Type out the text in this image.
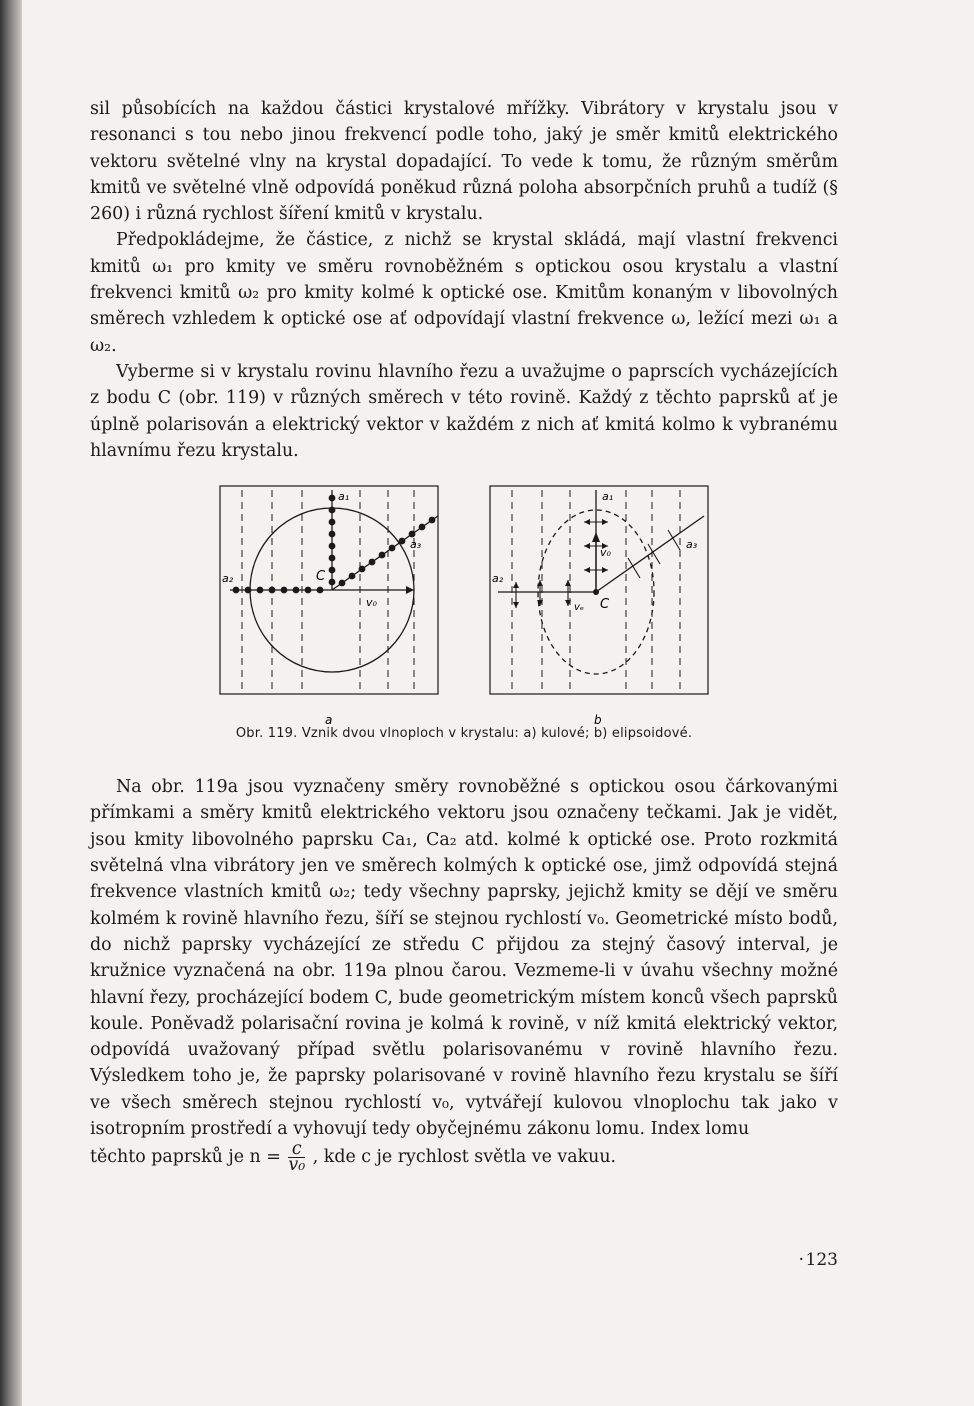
sil působících na každou částici krystalové mřížky. Vibrátory v krystalu jsou v resonanci s tou nebo jinou frekvencí podle toho, jaký je směr kmitů elektrického vektoru světelné vlny na krystal dopadající. To vede k tomu, že různým směrům kmitů ve světelné vlně odpovídá poněkud různá poloha absorpčních pruhů a tudíž (§ 260) i různá rychlost šíření kmitů v krystalu.

Předpokládejme, že částice, z nichž se krystal skládá, mají vlastní frekvenci kmitů ω₁ pro kmity ve směru rovnoběžném s optickou osou krystalu a vlastní frekvenci kmitů ω₂ pro kmity kolmé k optické ose. Kmitům konaným v libovolných směrech vzhledem k optické ose ať odpovídají vlastní frekvence ω, ležící mezi ω₁ a ω₂.

Vyberme si v krystalu rovinu hlavního řezu a uvažujme o paprscích vycházejících z bodu C (obr. 119) v různých směrech v této rovině. Každý z těchto paprsků ať je úplně polarisován a elektrický vektor v každém z nich ať kmitá kolmo k vybranému hlavnímu řezu krystalu.

a₁
a₂
a₃
C
v₀
a
a₁
a₂
a₃
C
v₀
vₑ
b
Obr. 119. Vznik dvou vlnoploch v krystalu: a) kulové; b) elipsoidové.

Na obr. 119a jsou vyznačeny směry rovnoběžné s optickou osou čárkovanými přímkami a směry kmitů elektrického vektoru jsou označeny tečkami. Jak je vidět, jsou kmity libovolného paprsku Ca₁, Ca₂ atd. kolmé k optické ose. Proto rozkmitá světelná vlna vibrátory jen ve směrech kolmých k optické ose, jimž odpovídá stejná frekvence vlastních kmitů ω₂; tedy všechny paprsky, jejichž kmity se dějí ve směru kolmém k rovině hlavního řezu, šíří se stejnou rychlostí v₀. Geometrické místo bodů, do nichž paprsky vycházející ze středu C přijdou za stejný časový interval, je kružnice vyznačená na obr. 119a plnou čarou. Vezmeme-li v úvahu všechny možné hlavní řezy, procházející bodem C, bude geometrickým místem konců všech paprsků koule. Poněvadž polarisační rovina je kolmá k rovině, v níž kmitá elektrický vektor, odpovídá uvažovaný případ světlu polarisovanému v rovině hlavního řezu. Výsledkem toho je, že paprsky polarisované v rovině hlavního řezu krystalu se šíří ve všech směrech stejnou rychlostí v₀, vytvářejí kulovou vlnoplochu tak jako v isotropním prostředí a vyhovují tedy obyčejnému zákonu lomu. Index lomu

těchto paprsků je $n = \frac{c}{\text{v₀}}$ , kde c je rychlost světla ve vakuu.

· 123
